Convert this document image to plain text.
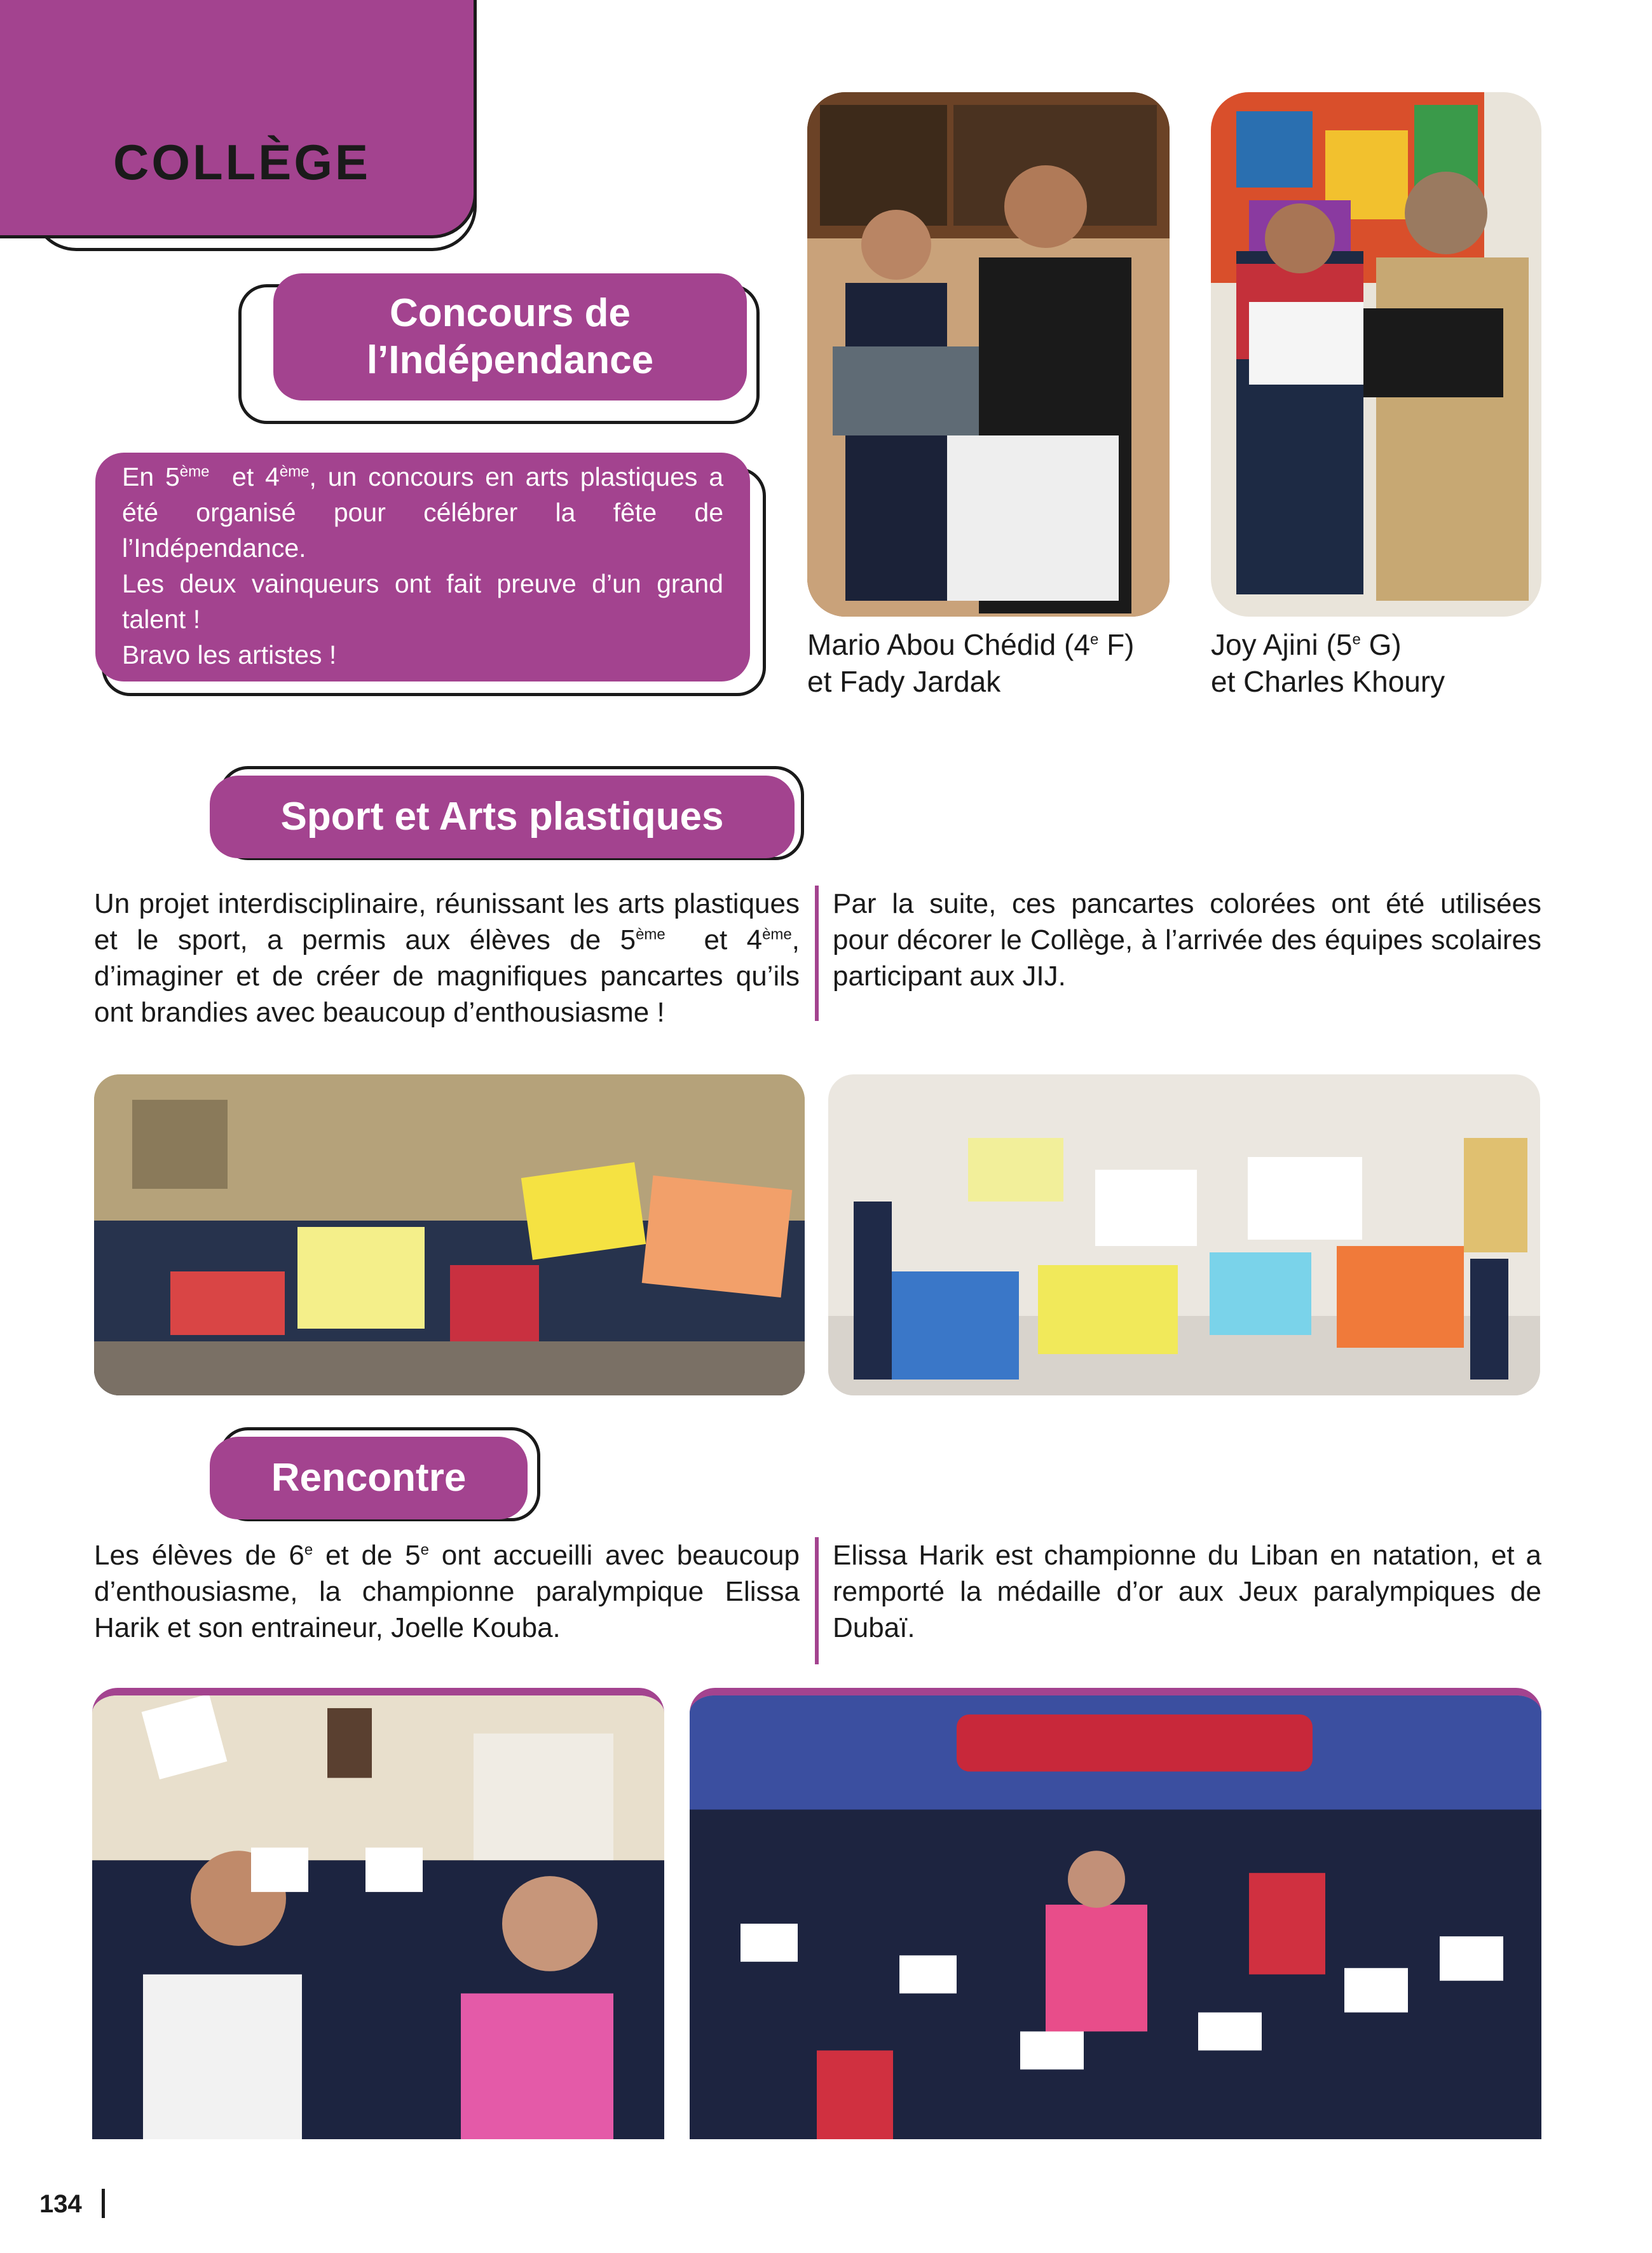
COLLÈGE
Concours de
l’Indépendance

En 5ème  et 4ème, un concours en arts plastiques a été organisé pour célébrer la fête de l’Indépendance.

Les deux vainqueurs ont fait preuve d’un grand talent !

Bravo les artistes !	Mario Abou Chédid (4e F)
et Fady Jardak
Joy Ajini (5e G)
et Charles Khoury
Sport et Arts plastiques
Un projet interdisciplinaire, réunissant les arts plastiques et le sport, a permis aux élèves de 5ème  et 4ème, d’imaginer et de créer de magnifiques pancartes qu’ils ont brandies avec beaucoup d’enthousiasme !
Par la suite, ces pancartes colorées ont été utilisées pour décorer le Collège, à l’arrivée des équipes scolaires participant aux JIJ.
Rencontre
Les élèves de 6e et de 5e ont accueilli avec beaucoup d’enthousiasme, la championne paralympique Elissa Harik et son entraineur, Joelle Kouba.
Elissa Harik est championne du Liban en natation, et a remporté la médaille d’or aux Jeux paralympiques de Dubaï.
134
